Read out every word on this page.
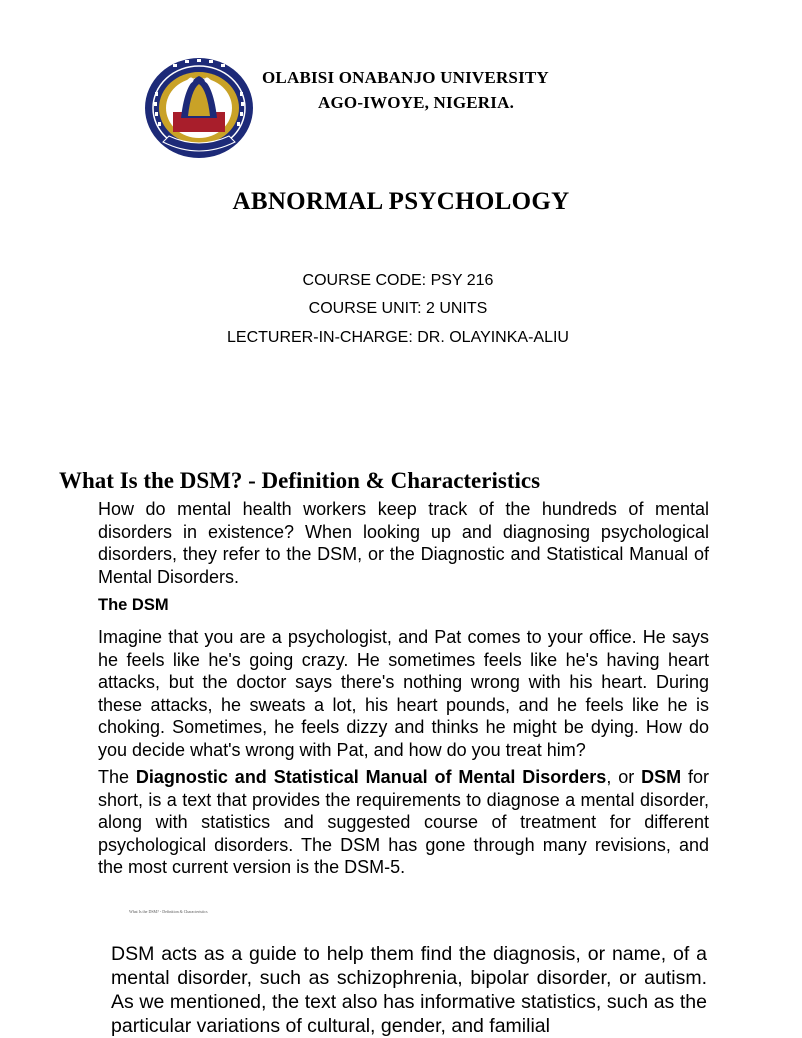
OLABISI ONABANJO UNIVERSITY
AGO-IWOYE, NIGERIA.
ABNORMAL PSYCHOLOGY
COURSE CODE: PSY 216
COURSE UNIT: 2 UNITS
LECTURER-IN-CHARGE: DR. OLAYINKA-ALIU
What Is the DSM? - Definition & Characteristics
How do mental health workers keep track of the hundreds of mental disorders in existence? When looking up and diagnosing psychological disorders, they refer to the DSM, or the Diagnostic and Statistical Manual of Mental Disorders.
The DSM
Imagine that you are a psychologist, and Pat comes to your office. He says he feels like he's going crazy. He sometimes feels like he's having heart attacks, but the doctor says there's nothing wrong with his heart. During these attacks, he sweats a lot, his heart pounds, and he feels like he is choking. Sometimes, he feels dizzy and thinks he might be dying. How do you decide what's wrong with Pat, and how do you treat him?
The Diagnostic and Statistical Manual of Mental Disorders, or DSM for short, is a text that provides the requirements to diagnose a mental disorder, along with statistics and suggested course of treatment for different psychological disorders. The DSM has gone through many revisions, and the most current version is the DSM-5.
What Is the DSM? - Definition & Characteristics
DSM acts as a guide to help them find the diagnosis, or name, of a mental disorder, such as schizophrenia, bipolar disorder, or autism. As we mentioned, the text also has informative statistics, such as the particular variations of cultural, gender, and familial
